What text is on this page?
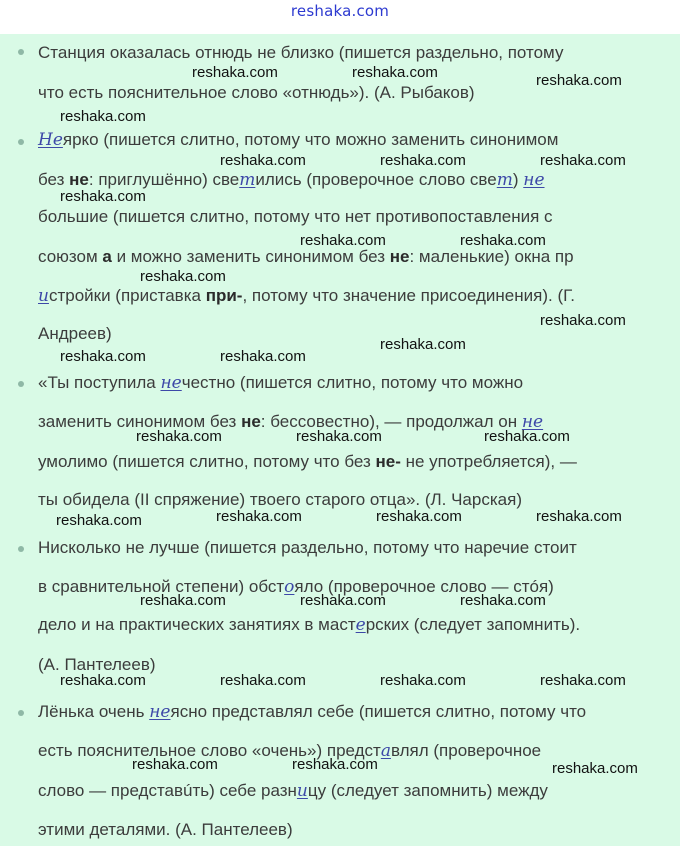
reshaka.com
Станция оказалась отнюдь не близко (пишется раздельно, потому
что есть пояснительное слово «отнюдь»). (А. Рыбаков)
Неярко (пишется слитно, потому что можно заменить синонимом
без не: приглушённо) светились (проверочное слово свет) не
большие (пишется слитно, потому что нет противопоставления с
союзом а и можно заменить синонимом без не: маленькие) окна пр
истройки (приставка при-, потому что значение присоединения). (Г.
Андреев)
«Ты поступила нечестно (пишется слитно, потому что можно
заменить синонимом без не: бессовестно), — продолжал он не
умолимо (пишется слитно, потому что без не- не употребляется), —
ты обидела (II спряжение) твоего старого отца». (Л. Чарская)
Нисколько не лучше (пишется раздельно, потому что наречие стоит
в сравнительной степени) обстояло (проверочное слово — стóя)
дело и на практических занятиях в мастерских (следует запомнить).
(А. Пантелеев)
Лёнька очень неясно представлял себе (пишется слитно, потому что
есть пояснительное слово «очень») представлял (проверочное
слово — представúть) себе разницу (следует запомнить) между
этими деталями. (А. Пантелеев)
reshaka.com	reshaka.com	reshaka.com
reshaka.com
reshaka.com	reshaka.com	reshaka.com
reshaka.com
reshaka.com	reshaka.com
reshaka.com
reshaka.com
reshaka.com
reshaka.com	reshaka.com
reshaka.com	reshaka.com	reshaka.com
reshaka.com	reshaka.com	reshaka.com	reshaka.com
reshaka.com	reshaka.com	reshaka.com
reshaka.com	reshaka.com	reshaka.com	reshaka.com
reshaka.com	reshaka.com	reshaka.com
